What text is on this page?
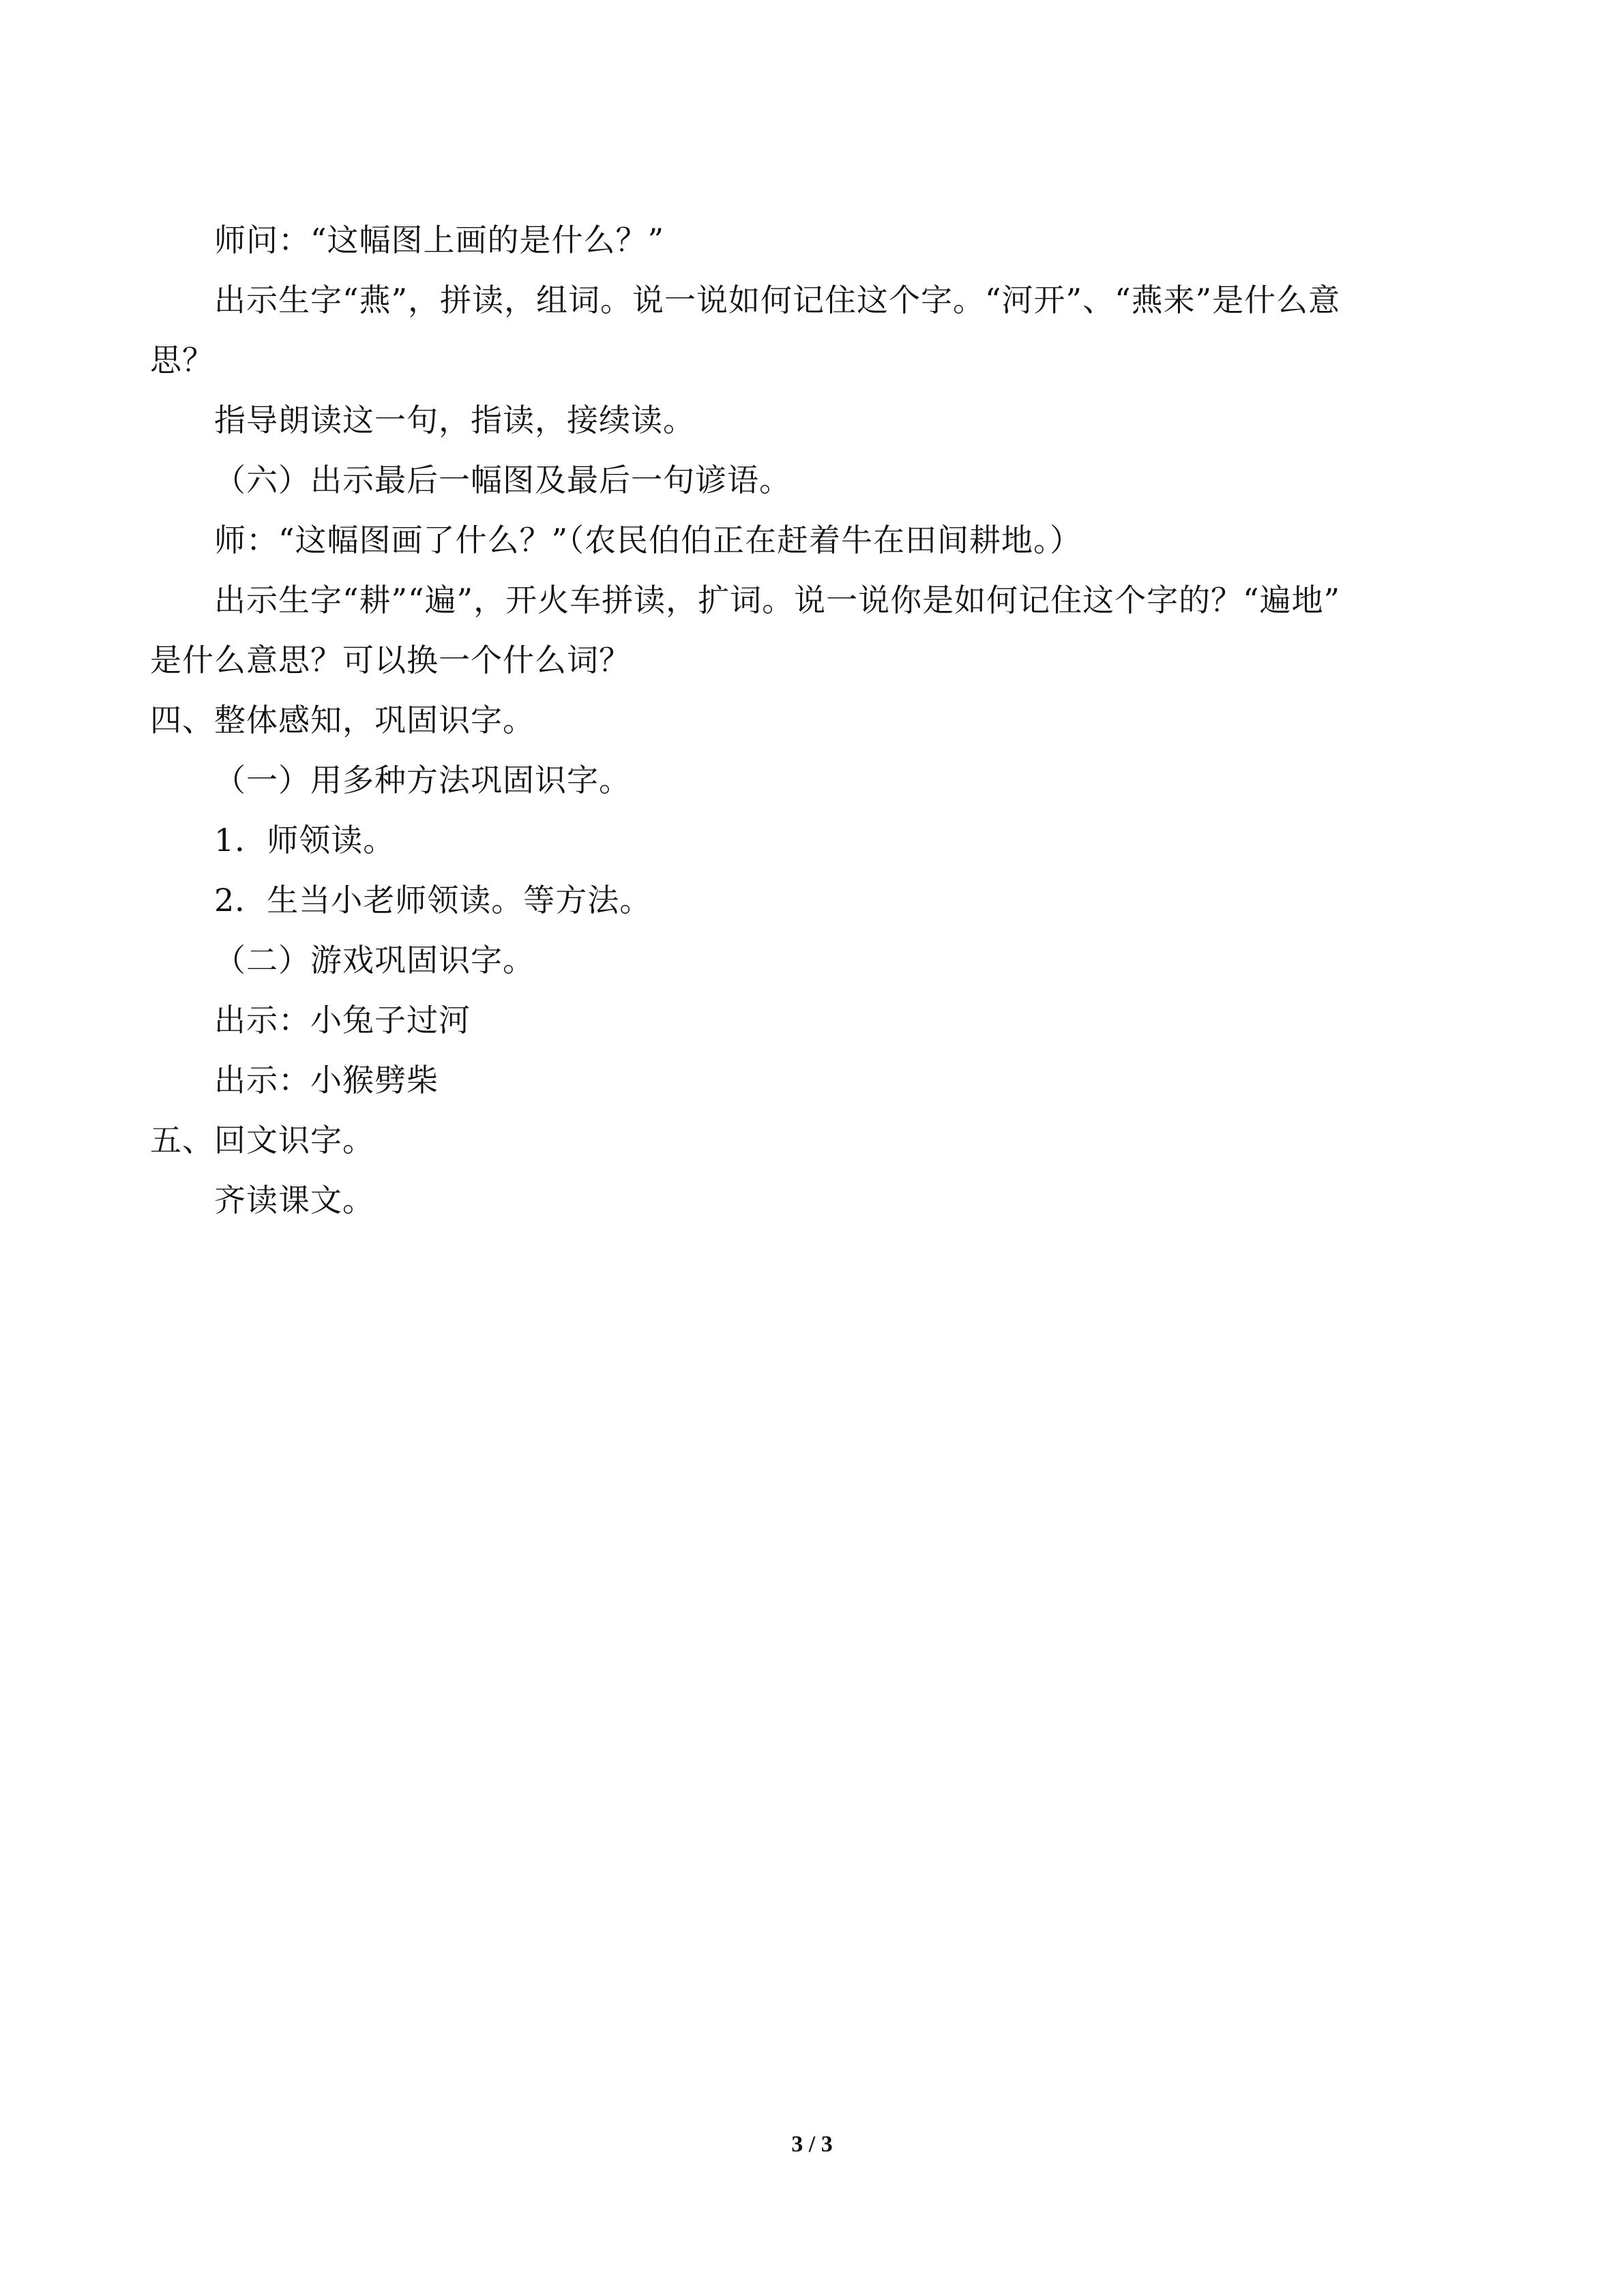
师问：“这幅图上画的是什么？”
出示生字“燕”，拼读，组词。说一说如何记住这个字。“河开”、“燕来”是什么意
思？
指导朗读这一句，指读，接续读。
（六）出示最后一幅图及最后一句谚语。
师：“这幅图画了什么？”（农民伯伯正在赶着牛在田间耕地。）
出示生字“耕”“遍”，开火车拼读，扩词。说一说你是如何记住这个字的？“遍地”
是什么意思？可以换一个什么词？
四、整体感知，巩固识字。
（一）用多种方法巩固识字。
1．师领读。
2．生当小老师领读。等方法。
（二）游戏巩固识字。
出示：小兔子过河
出示：小猴劈柴
五、回文识字。
齐读课文。
3 / 3
